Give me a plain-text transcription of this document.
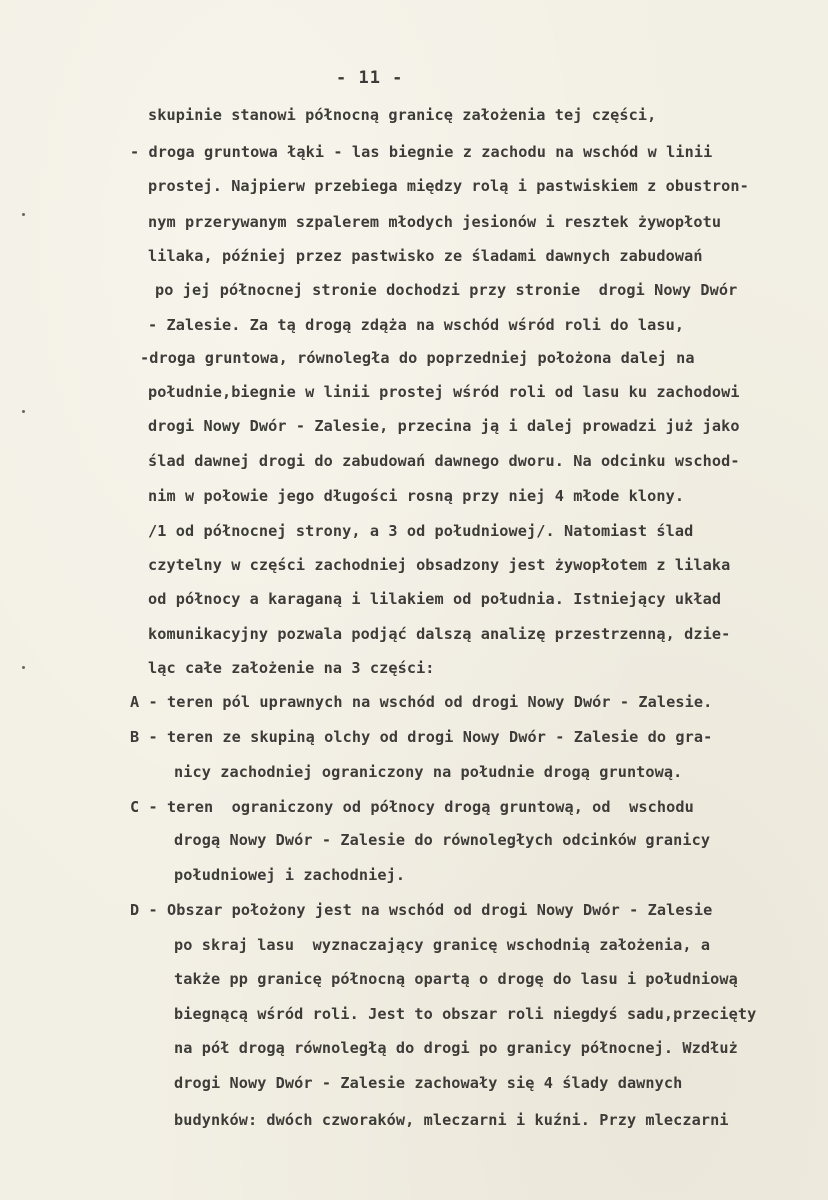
- 11 -
skupinie stanowi północną granicę założenia tej części,
- droga gruntowa łąki - las biegnie z zachodu na wschód w linii
prostej. Najpierw przebiega między rolą i pastwiskiem z obustron-
nym przerywanym szpalerem młodych jesionów i resztek żywopłotu
lilaka, później przez pastwisko ze śladami dawnych zabudowań
po jej północnej stronie dochodzi przy stronie  drogi Nowy Dwór
- Zalesie. Za tą drogą zdąża na wschód wśród roli do lasu,
-droga gruntowa, równoległa do poprzedniej położona dalej na
południe,biegnie w linii prostej wśród roli od lasu ku zachodowi
drogi Nowy Dwór - Zalesie, przecina ją i dalej prowadzi już jako
ślad dawnej drogi do zabudowań dawnego dworu. Na odcinku wschod-
nim w połowie jego długości rosną przy niej 4 młode klony.
/1 od północnej strony, a 3 od południowej/. Natomiast ślad
czytelny w części zachodniej obsadzony jest żywopłotem z lilaka
od północy a karaganą i lilakiem od południa. Istniejący układ
komunikacyjny pozwala podjąć dalszą analizę przestrzenną, dzie-
ląc całe założenie na 3 części:
A - teren pól uprawnych na wschód od drogi Nowy Dwór - Zalesie.
B - teren ze skupiną olchy od drogi Nowy Dwór - Zalesie do gra-
nicy zachodniej ograniczony na południe drogą gruntową.
C - teren  ograniczony od północy drogą gruntową, od  wschodu
drogą Nowy Dwór - Zalesie do równoległych odcinków granicy
południowej i zachodniej.
D - Obszar położony jest na wschód od drogi Nowy Dwór - Zalesie
po skraj lasu  wyznaczający granicę wschodnią założenia, a
także pp granicę północną opartą o drogę do lasu i południową
biegnącą wśród roli. Jest to obszar roli niegdyś sadu,przecięty
na pół drogą równoległą do drogi po granicy północnej. Wzdłuż
drogi Nowy Dwór - Zalesie zachowały się 4 ślady dawnych
budynków: dwóch czworaków, mleczarni i kuźni. Przy mleczarni
